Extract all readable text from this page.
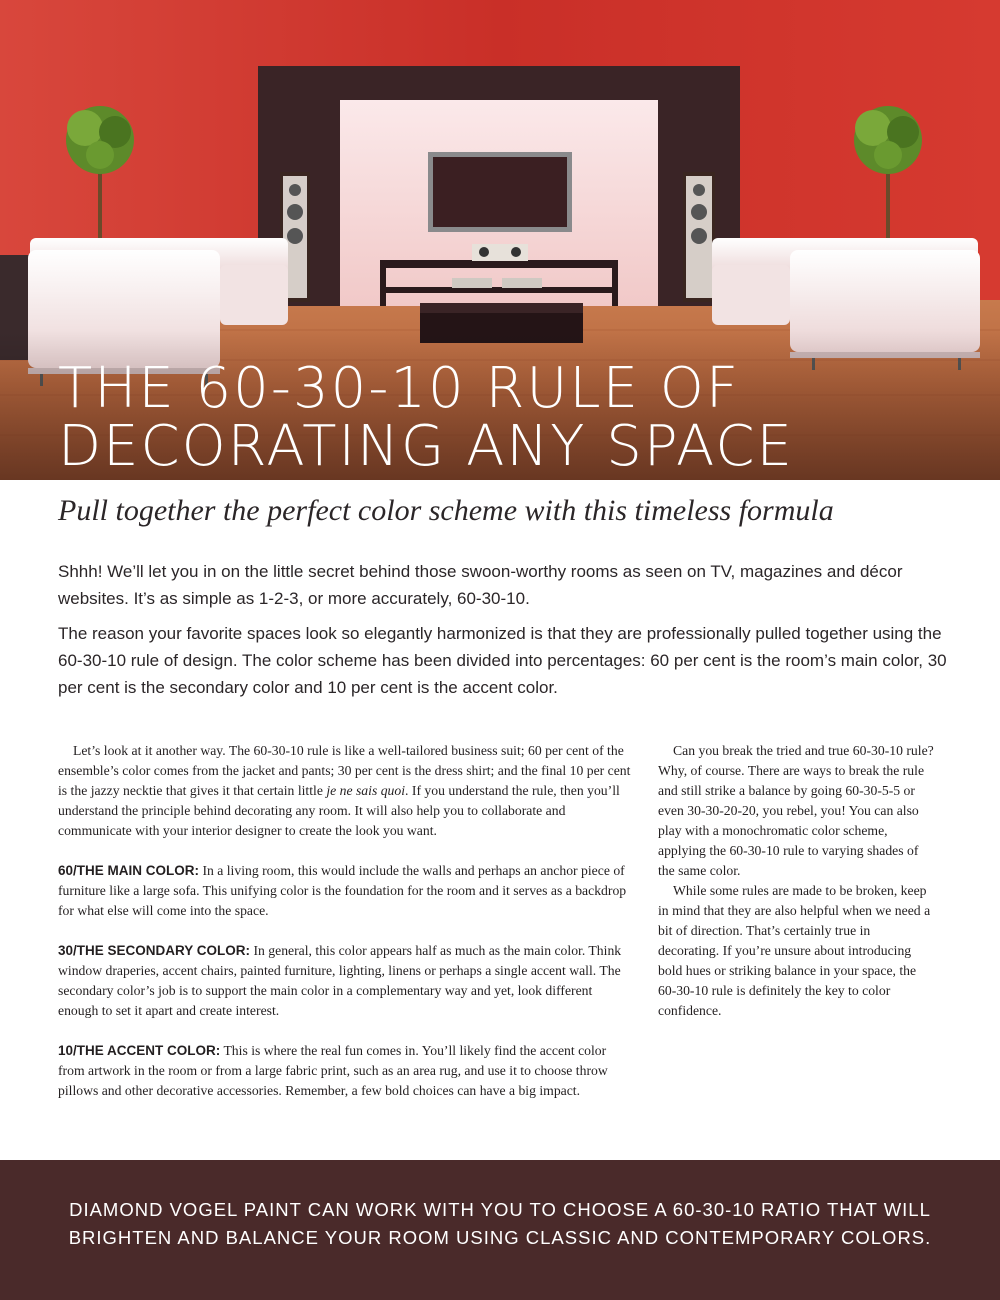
THE 60-30-10 RULE OF
DECORATING ANY SPACE
Pull together the perfect color scheme with this timeless formula

Shhh! We’ll let you in on the little secret behind those swoon-worthy rooms as seen on TV, magazines and décor websites. It’s as simple as 1-2-3, or more accurately, 60-30-10.

The reason your favorite spaces look so elegantly harmonized is that they are professionally pulled together using the 60-30-10 rule of design. The color scheme has been divided into percentages: 60 per cent is the room’s main color, 30 per cent is the secondary color and 10 per cent is the accent color.

Let’s look at it another way. The 60-30-10 rule is like a well-tailored business suit; 60 per cent of the ensemble’s color comes from the jacket and pants; 30 per cent is the dress shirt; and the final 10 per cent is the jazzy necktie that gives it that certain little je ne sais quoi. If you understand the rule, then you’ll understand the principle behind decorating any room. It will also help you to collaborate and communicate with your interior designer to create the look you want.

60/THE MAIN COLOR: In a living room, this would include the walls and perhaps an anchor piece of furniture like a large sofa. This unifying color is the foundation for the room and it serves as a backdrop for what else will come into the space.

30/THE SECONDARY COLOR: In general, this color appears half as much as the main color. Think window draperies, accent chairs, painted furniture, lighting, linens or perhaps a single accent wall. The secondary color’s job is to support the main color in a complementary way and yet, look different enough to set it apart and create interest.

10/THE ACCENT COLOR: This is where the real fun comes in. You’ll likely find the accent color from artwork in the room or from a large fabric print, such as an area rug, and use it to choose throw pillows and other decorative accessories. Remember, a few bold choices can have a big impact.

Can you break the tried and true 60-30-10 rule? Why, of course. There are ways to break the rule and still strike a balance by going 60-30-5-5 or even 30-30-20-20, you rebel, you! You can also play with a monochromatic color scheme, applying the 60-30-10 rule to varying shades of the same color.

While some rules are made to be broken, keep in mind that they are also helpful when we need a bit of direction. That’s certainly true in decorating. If you’re unsure about introducing bold hues or striking balance in your space, the 60-30-10 rule is definitely the key to color confidence.

DIAMOND VOGEL PAINT CAN WORK WITH YOU TO CHOOSE A 60-30-10 RATIO THAT WILL
BRIGHTEN AND BALANCE YOUR ROOM USING CLASSIC AND CONTEMPORARY COLORS.
